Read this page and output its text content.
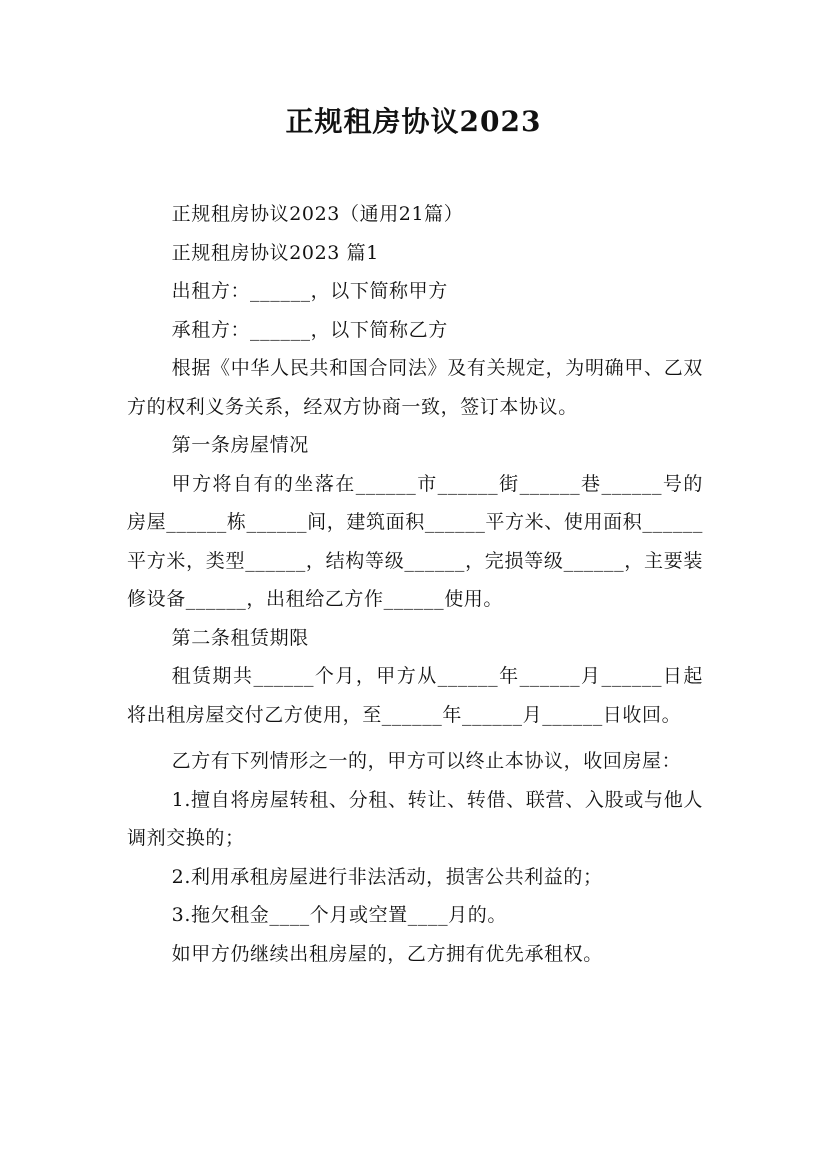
正规租房协议2023

正规租房协议2023（通用21篇）

正规租房协议2023 篇1

出租方：______，以下简称甲方

承租方：______，以下简称乙方

根据《中华人民共和国合同法》及有关规定，为明确甲、乙双方的权利义务关系，经双方协商一致，签订本协议。

第一条房屋情况

甲方将自有的坐落在______市______街______巷______号的房屋______栋______间，建筑面积______平方米、使用面积______平方米，类型______，结构等级______，完损等级______，主要装修设备______，出租给乙方作______使用。

第二条租赁期限

租赁期共______个月，甲方从______年______月______日起将出租房屋交付乙方使用，至______年______月______日收回。

乙方有下列情形之一的，甲方可以终止本协议，收回房屋：

1.擅自将房屋转租、分租、转让、转借、联营、入股或与他人调剂交换的；

2.利用承租房屋进行非法活动，损害公共利益的；

3.拖欠租金____个月或空置____月的。

如甲方仍继续出租房屋的，乙方拥有优先承租权。
